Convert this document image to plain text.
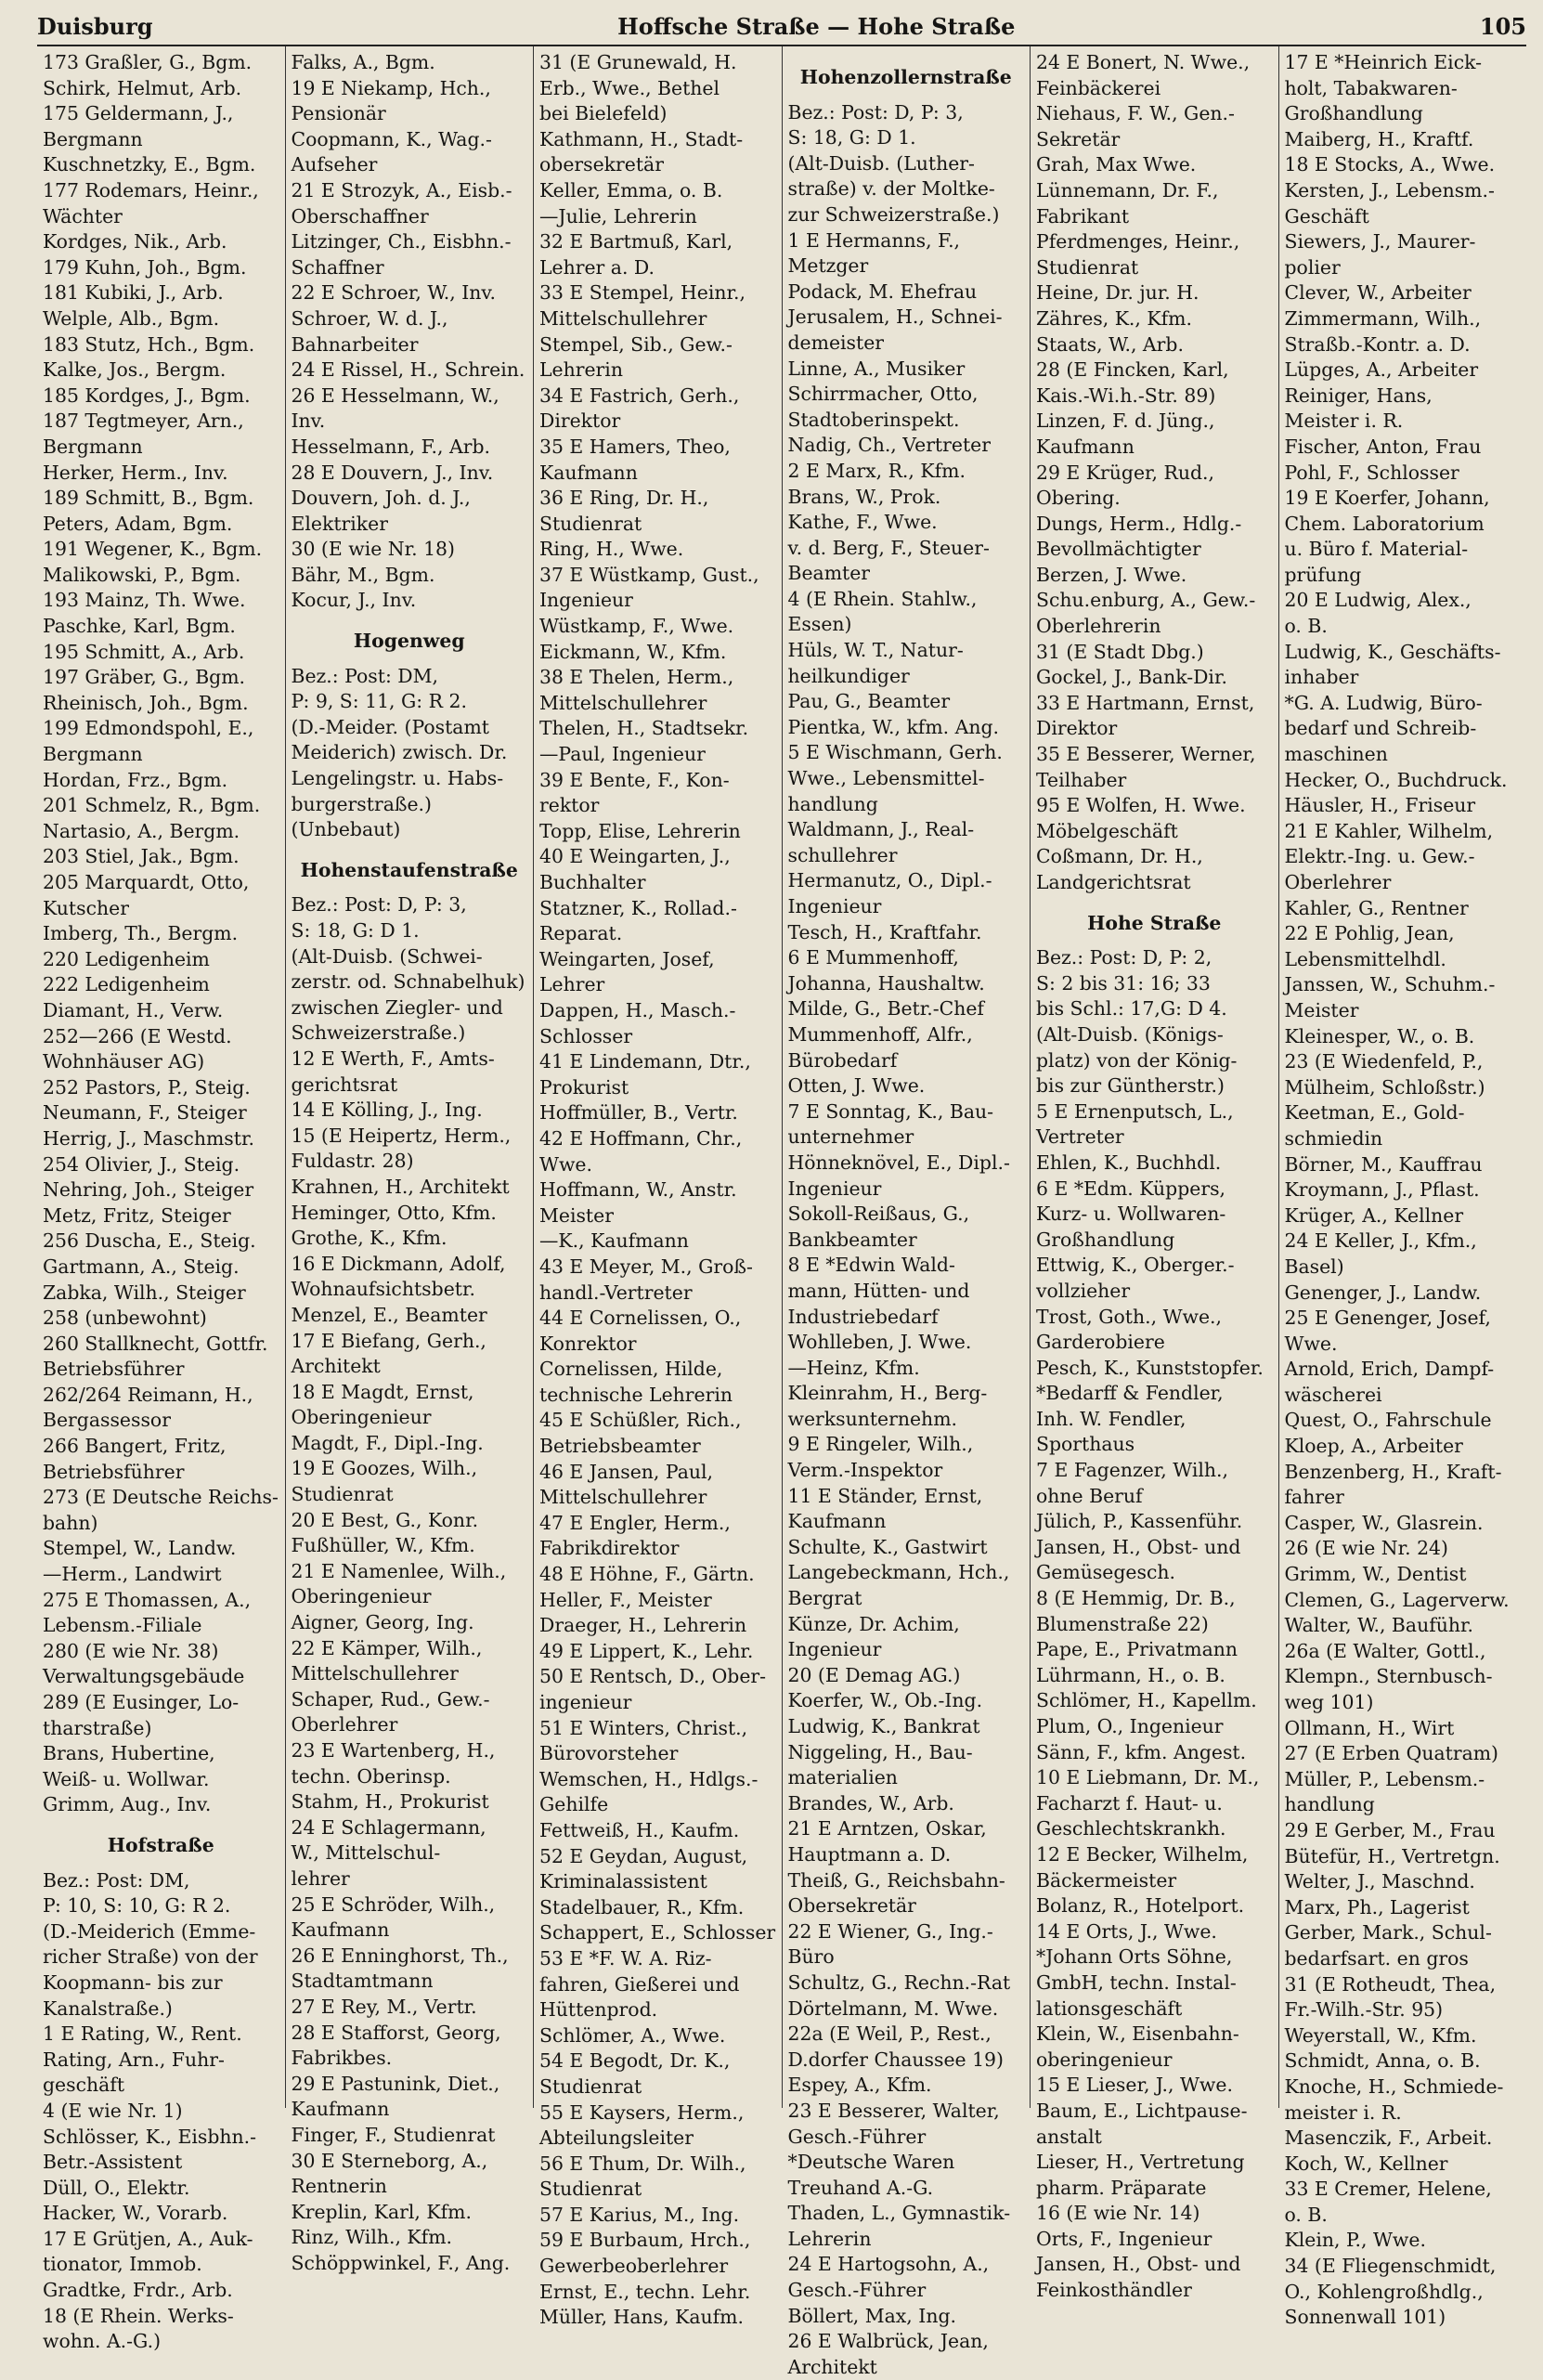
Duisburg	Hoffsche Straße — Hohe Straße	105
173 Graßler, G., Bgm.
Schirk, Helmut, Arb.
175 Geldermann, J.,
Bergmann
Kuschnetzky, E., Bgm.
177 Rodemars, Heinr.,
Wächter
Kordges, Nik., Arb.
179 Kuhn, Joh., Bgm.
181 Kubiki, J., Arb.
Welple, Alb., Bgm.
183 Stutz, Hch., Bgm.
Kalke, Jos., Bergm.
185 Kordges, J., Bgm.
187 Tegtmeyer, Arn.,
Bergmann
Herker, Herm., Inv.
189 Schmitt, B., Bgm.
Peters, Adam, Bgm.
191 Wegener, K., Bgm.
Malikowski, P., Bgm.
193 Mainz, Th. Wwe.
Paschke, Karl, Bgm.
195 Schmitt, A., Arb.
197 Gräber, G., Bgm.
Rheinisch, Joh., Bgm.
199 Edmondspohl, E.,
Bergmann
Hordan, Frz., Bgm.
201 Schmelz, R., Bgm.
Nartasio, A., Bergm.
203 Stiel, Jak., Bgm.
205 Marquardt, Otto,
Kutscher
Imberg, Th., Bergm.
220 Ledigenheim
222 Ledigenheim
Diamant, H., Verw.
252—266 (E Westd.
Wohnhäuser AG)
252 Pastors, P., Steig.
Neumann, F., Steiger
Herrig, J., Maschmstr.
254 Olivier, J., Steig.
Nehring, Joh., Steiger
Metz, Fritz, Steiger
256 Duscha, E., Steig.
Gartmann, A., Steig.
Zabka, Wilh., Steiger
258 (unbewohnt)
260 Stallknecht, Gottfr.
Betriebsführer
262/264 Reimann, H.,
Bergassessor
266 Bangert, Fritz,
Betriebsführer
273 (E Deutsche Reichs-
bahn)
Stempel, W., Landw.
—Herm., Landwirt
275 E Thomassen, A.,
Lebensm.-Filiale
280 (E wie Nr. 38)
Verwaltungsgebäude
289 (E Eusinger, Lo-
tharstraße)
Brans, Hubertine,
Weiß- u. Wollwar.
Grimm, Aug., Inv.
Hofstraße
Bez.: Post: DM,
P: 10, S: 10, G: R 2.
(D.-Meiderich (Emme-
richer Straße) von der
Koopmann- bis zur
Kanalstraße.)
1 E Rating, W., Rent.
Rating, Arn., Fuhr-
geschäft
4 (E wie Nr. 1)
Schlösser, K., Eisbhn.-
Betr.-Assistent
Düll, O., Elektr.
Hacker, W., Vorarb.
17 E Grütjen, A., Auk-
tionator, Immob.
Gradtke, Frdr., Arb.
18 (E Rhein. Werks-
wohn. A.-G.)
Falks, A., Bgm.
19 E Niekamp, Hch.,
Pensionär
Coopmann, K., Wag.-
Aufseher
21 E Strozyk, A., Eisb.-
Oberschaffner
Litzinger, Ch., Eisbhn.-
Schaffner
22 E Schroer, W., Inv.
Schroer, W. d. J.,
Bahnarbeiter
24 E Rissel, H., Schrein.
26 E Hesselmann, W.,
Inv.
Hesselmann, F., Arb.
28 E Douvern, J., Inv.
Douvern, Joh. d. J.,
Elektriker
30 (E wie Nr. 18)
Bähr, M., Bgm.
Kocur, J., Inv.
Hogenweg
Bez.: Post: DM,
P: 9, S: 11, G: R 2.
(D.-Meider. (Postamt
Meiderich) zwisch. Dr.
Lengelingstr. u. Habs-
burgerstraße.)
(Unbebaut)
Hohenstaufenstraße
Bez.: Post: D, P: 3,
S: 18, G: D 1.
(Alt-Duisb. (Schwei-
zerstr. od. Schnabelhuk)
zwischen Ziegler- und
Schweizerstraße.)
12 E Werth, F., Amts-
gerichtsrat
14 E Kölling, J., Ing.
15 (E Heipertz, Herm.,
Fuldastr. 28)
Krahnen, H., Architekt
Heminger, Otto, Kfm.
Grothe, K., Kfm.
16 E Dickmann, Adolf,
Wohnaufsichtsbetr.
Menzel, E., Beamter
17 E Biefang, Gerh.,
Architekt
18 E Magdt, Ernst,
Oberingenieur
Magdt, F., Dipl.-Ing.
19 E Goozes, Wilh.,
Studienrat
20 E Best, G., Konr.
Fußhüller, W., Kfm.
21 E Namenlee, Wilh.,
Oberingenieur
Aigner, Georg, Ing.
22 E Kämper, Wilh.,
Mittelschullehrer
Schaper, Rud., Gew.-
Oberlehrer
23 E Wartenberg, H.,
techn. Oberinsp.
Stahm, H., Prokurist
24 E Schlagermann,
W., Mittelschul-
lehrer
25 E Schröder, Wilh.,
Kaufmann
26 E Enninghorst, Th.,
Stadtamtmann
27 E Rey, M., Vertr.
28 E Stafforst, Georg,
Fabrikbes.
29 E Pastunink, Diet.,
Kaufmann
Finger, F., Studienrat
30 E Sterneborg, A.,
Rentnerin
Kreplin, Karl, Kfm.
Rinz, Wilh., Kfm.
Schöppwinkel, F., Ang.
31 (E Grunewald, H.
Erb., Wwe., Bethel
bei Bielefeld)
Kathmann, H., Stadt-
obersekretär
Keller, Emma, o. B.
—Julie, Lehrerin
32 E Bartmuß, Karl,
Lehrer a. D.
33 E Stempel, Heinr.,
Mittelschullehrer
Stempel, Sib., Gew.-
Lehrerin
34 E Fastrich, Gerh.,
Direktor
35 E Hamers, Theo,
Kaufmann
36 E Ring, Dr. H.,
Studienrat
Ring, H., Wwe.
37 E Wüstkamp, Gust.,
Ingenieur
Wüstkamp, F., Wwe.
Eickmann, W., Kfm.
38 E Thelen, Herm.,
Mittelschullehrer
Thelen, H., Stadtsekr.
—Paul, Ingenieur
39 E Bente, F., Kon-
rektor
Topp, Elise, Lehrerin
40 E Weingarten, J.,
Buchhalter
Statzner, K., Rollad.-
Reparat.
Weingarten, Josef,
Lehrer
Dappen, H., Masch.-
Schlosser
41 E Lindemann, Dtr.,
Prokurist
Hoffmüller, B., Vertr.
42 E Hoffmann, Chr.,
Wwe.
Hoffmann, W., Anstr.
Meister
—K., Kaufmann
43 E Meyer, M., Groß-
handl.-Vertreter
44 E Cornelissen, O.,
Konrektor
Cornelissen, Hilde,
technische Lehrerin
45 E Schüßler, Rich.,
Betriebsbeamter
46 E Jansen, Paul,
Mittelschullehrer
47 E Engler, Herm.,
Fabrikdirektor
48 E Höhne, F., Gärtn.
Heller, F., Meister
Draeger, H., Lehrerin
49 E Lippert, K., Lehr.
50 E Rentsch, D., Ober-
ingenieur
51 E Winters, Christ.,
Bürovorsteher
Wemschen, H., Hdlgs.-
Gehilfe
Fettweiß, H., Kaufm.
52 E Geydan, August,
Kriminalassistent
Stadelbauer, R., Kfm.
Schappert, E., Schlosser
53 E *F. W. A. Riz-
fahren, Gießerei und
Hüttenprod.
Schlömer, A., Wwe.
54 E Begodt, Dr. K.,
Studienrat
55 E Kaysers, Herm.,
Abteilungsleiter
56 E Thum, Dr. Wilh.,
Studienrat
57 E Karius, M., Ing.
59 E Burbaum, Hrch.,
Gewerbeoberlehrer
Ernst, E., techn. Lehr.
Müller, Hans, Kaufm.
Hohenzollernstraße
Bez.: Post: D, P: 3,
S: 18, G: D 1.
(Alt-Duisb. (Luther-
straße) v. der Moltke-
zur Schweizerstraße.)
1 E Hermanns, F.,
Metzger
Podack, M. Ehefrau
Jerusalem, H., Schnei-
demeister
Linne, A., Musiker
Schirrmacher, Otto,
Stadtoberinspekt.
Nadig, Ch., Vertreter
2 E Marx, R., Kfm.
Brans, W., Prok.
Kathe, F., Wwe.
v. d. Berg, F., Steuer-
Beamter
4 (E Rhein. Stahlw.,
Essen)
Hüls, W. T., Natur-
heilkundiger
Pau, G., Beamter
Pientka, W., kfm. Ang.
5 E Wischmann, Gerh.
Wwe., Lebensmittel-
handlung
Waldmann, J., Real-
schullehrer
Hermanutz, O., Dipl.-
Ingenieur
Tesch, H., Kraftfahr.
6 E Mummenhoff,
Johanna, Haushaltw.
Milde, G., Betr.-Chef
Mummenhoff, Alfr.,
Bürobedarf
Otten, J. Wwe.
7 E Sonntag, K., Bau-
unternehmer
Hönneknövel, E., Dipl.-
Ingenieur
Sokoll-Reißaus, G.,
Bankbeamter
8 E *Edwin Wald-
mann, Hütten- und
Industriebedarf
Wohlleben, J. Wwe.
—Heinz, Kfm.
Kleinrahm, H., Berg-
werksunternehm.
9 E Ringeler, Wilh.,
Verm.-Inspektor
11 E Ständer, Ernst,
Kaufmann
Schulte, K., Gastwirt
Langebeckmann, Hch.,
Bergrat
Künze, Dr. Achim,
Ingenieur
20 (E Demag AG.)
Koerfer, W., Ob.-Ing.
Ludwig, K., Bankrat
Niggeling, H., Bau-
materialien
Brandes, W., Arb.
21 E Arntzen, Oskar,
Hauptmann a. D.
Theiß, G., Reichsbahn-
Obersekretär
22 E Wiener, G., Ing.-
Büro
Schultz, G., Rechn.-Rat
Dörtelmann, M. Wwe.
22a (E Weil, P., Rest.,
D.dorfer Chaussee 19)
Espey, A., Kfm.
23 E Besserer, Walter,
Gesch.-Führer
*Deutsche Waren
Treuhand A.-G.
Thaden, L., Gymnastik-
Lehrerin
24 E Hartogsohn, A.,
Gesch.-Führer
Böllert, Max, Ing.
26 E Walbrück, Jean,
Architekt
24 E Bonert, N. Wwe.,
Feinbäckerei
Niehaus, F. W., Gen.-
Sekretär
Grah, Max Wwe.
Lünnemann, Dr. F.,
Fabrikant
Pferdmenges, Heinr.,
Studienrat
Heine, Dr. jur. H.
Zähres, K., Kfm.
Staats, W., Arb.
28 (E Fincken, Karl,
Kais.-Wi.h.-Str. 89)
Linzen, F. d. Jüng.,
Kaufmann
29 E Krüger, Rud.,
Obering.
Dungs, Herm., Hdlg.-
Bevollmächtigter
Berzen, J. Wwe.
Schu.enburg, A., Gew.-
Oberlehrerin
31 (E Stadt Dbg.)
Gockel, J., Bank-Dir.
33 E Hartmann, Ernst,
Direktor
35 E Besserer, Werner,
Teilhaber
95 E Wolfen, H. Wwe.
Möbelgeschäft
Coßmann, Dr. H.,
Landgerichtsrat
Hohe Straße
Bez.: Post: D, P: 2,
S: 2 bis 31: 16; 33
bis Schl.: 17,G: D 4.
(Alt-Duisb. (Königs-
platz) von der König-
bis zur Güntherstr.)
5 E Ernenputsch, L.,
Vertreter
Ehlen, K., Buchhdl.
6 E *Edm. Küppers,
Kurz- u. Wollwaren-
Großhandlung
Ettwig, K., Oberger.-
vollzieher
Trost, Goth., Wwe.,
Garderobiere
Pesch, K., Kunststopfer.
*Bedarff & Fendler,
Inh. W. Fendler,
Sporthaus
7 E Fagenzer, Wilh.,
ohne Beruf
Jülich, P., Kassenführ.
Jansen, H., Obst- und
Gemüsegesch.
8 (E Hemmig, Dr. B.,
Blumenstraße 22)
Pape, E., Privatmann
Lührmann, H., o. B.
Schlömer, H., Kapellm.
Plum, O., Ingenieur
Sänn, F., kfm. Angest.
10 E Liebmann, Dr. M.,
Facharzt f. Haut- u.
Geschlechtskrankh.
12 E Becker, Wilhelm,
Bäckermeister
Bolanz, R., Hotelport.
14 E Orts, J., Wwe.
*Johann Orts Söhne,
GmbH, techn. Instal-
lationsgeschäft
Klein, W., Eisenbahn-
oberingenieur
15 E Lieser, J., Wwe.
Baum, E., Lichtpause-
anstalt
Lieser, H., Vertretung
pharm. Präparate
16 (E wie Nr. 14)
Orts, F., Ingenieur
Jansen, H., Obst- und
Feinkosthändler
17 E *Heinrich Eick-
holt, Tabakwaren-
Großhandlung
Maiberg, H., Kraftf.
18 E Stocks, A., Wwe.
Kersten, J., Lebensm.-
Geschäft
Siewers, J., Maurer-
polier
Clever, W., Arbeiter
Zimmermann, Wilh.,
Straßb.-Kontr. a. D.
Lüpges, A., Arbeiter
Reiniger, Hans,
Meister i. R.
Fischer, Anton, Frau
Pohl, F., Schlosser
19 E Koerfer, Johann,
Chem. Laboratorium
u. Büro f. Material-
prüfung
20 E Ludwig, Alex.,
o. B.
Ludwig, K., Geschäfts-
inhaber
*G. A. Ludwig, Büro-
bedarf und Schreib-
maschinen
Hecker, O., Buchdruck.
Häusler, H., Friseur
21 E Kahler, Wilhelm,
Elektr.-Ing. u. Gew.-
Oberlehrer
Kahler, G., Rentner
22 E Pohlig, Jean,
Lebensmittelhdl.
Janssen, W., Schuhm.-
Meister
Kleinesper, W., o. B.
23 (E Wiedenfeld, P.,
Mülheim, Schloßstr.)
Keetman, E., Gold-
schmiedin
Börner, M., Kauffrau
Kroymann, J., Pflast.
Krüger, A., Kellner
24 E Keller, J., Kfm.,
Basel)
Genenger, J., Landw.
25 E Genenger, Josef,
Wwe.
Arnold, Erich, Dampf-
wäscherei
Quest, O., Fahrschule
Kloep, A., Arbeiter
Benzenberg, H., Kraft-
fahrer
Casper, W., Glasrein.
26 (E wie Nr. 24)
Grimm, W., Dentist
Clemen, G., Lagerverw.
Walter, W., Bauführ.
26a (E Walter, Gottl.,
Klempn., Sternbusch-
weg 101)
Ollmann, H., Wirt
27 (E Erben Quatram)
Müller, P., Lebensm.-
handlung
29 E Gerber, M., Frau
Bütefür, H., Vertretgn.
Welter, J., Maschnd.
Marx, Ph., Lagerist
Gerber, Mark., Schul-
bedarfsart. en gros
31 (E Rotheudt, Thea,
Fr.-Wilh.-Str. 95)
Weyerstall, W., Kfm.
Schmidt, Anna, o. B.
Knoche, H., Schmiede-
meister i. R.
Masenczik, F., Arbeit.
Koch, W., Kellner
33 E Cremer, Helene,
o. B.
Klein, P., Wwe.
34 (E Fliegenschmidt,
O., Kohlengroßhdlg.,
Sonnenwall 101)
